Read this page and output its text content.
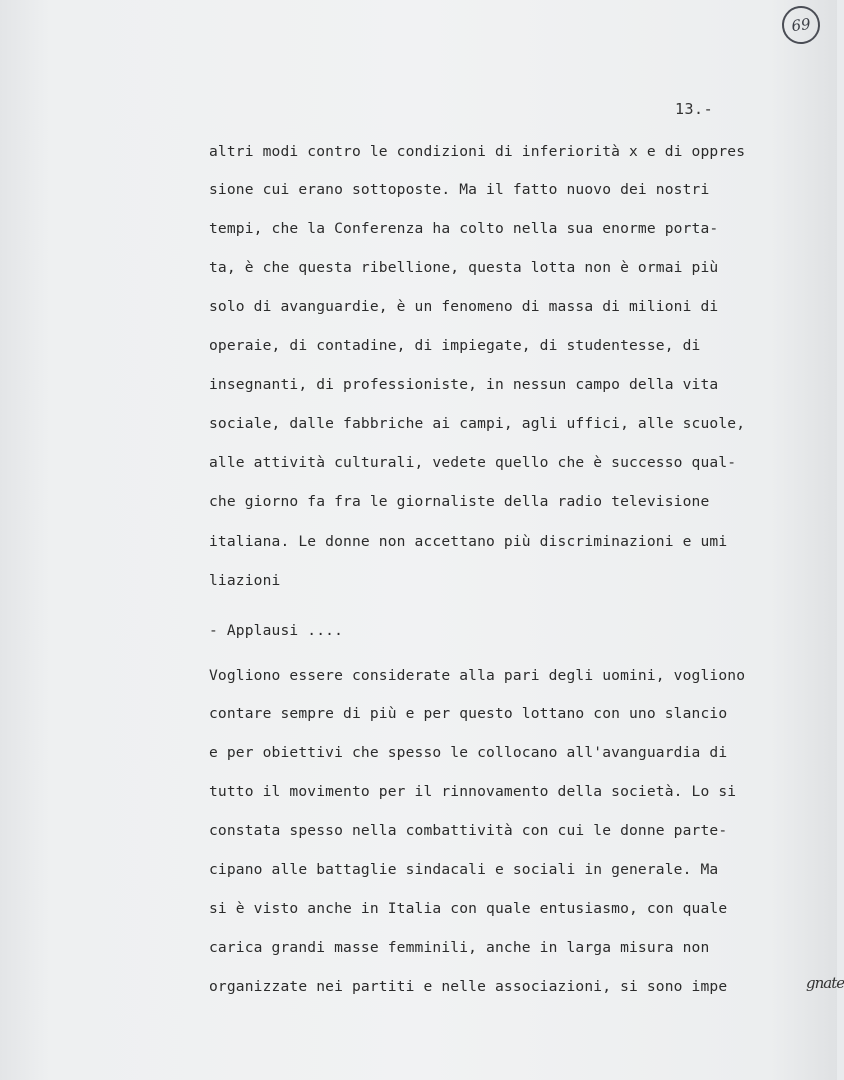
69
13.-
altri modi contro le condizioni di inferiorità x e di oppres
sione cui erano sottoposte. Ma il fatto nuovo dei nostri
tempi, che la Conferenza ha colto nella sua enorme porta-
ta, è che questa ribellione, questa lotta non è ormai più
solo di avanguardie, è un fenomeno di massa di milioni di
operaie, di contadine, di impiegate, di studentesse, di
insegnanti, di professioniste, in nessun campo della vita
sociale, dalle fabbriche ai campi, agli uffici, alle scuole,
alle attività culturali, vedete quello che è successo qual-
che giorno fa fra le giornaliste della radio televisione
italiana. Le donne non accettano più discriminazioni e umi
liazioni
- Applausi ....
Vogliono essere considerate alla pari degli uomini, vogliono
contare sempre di più e per questo lottano con uno slancio
e per obiettivi che spesso le collocano all'avanguardia di
tutto il movimento per il rinnovamento della società. Lo si
constata spesso nella combattività con cui le donne parte-
cipano alle battaglie sindacali e sociali in generale. Ma
si è visto anche in Italia con quale entusiasmo, con quale
carica grandi masse femminili, anche in larga misura non
organizzate nei partiti e nelle associazioni, si sono impe	gnate
